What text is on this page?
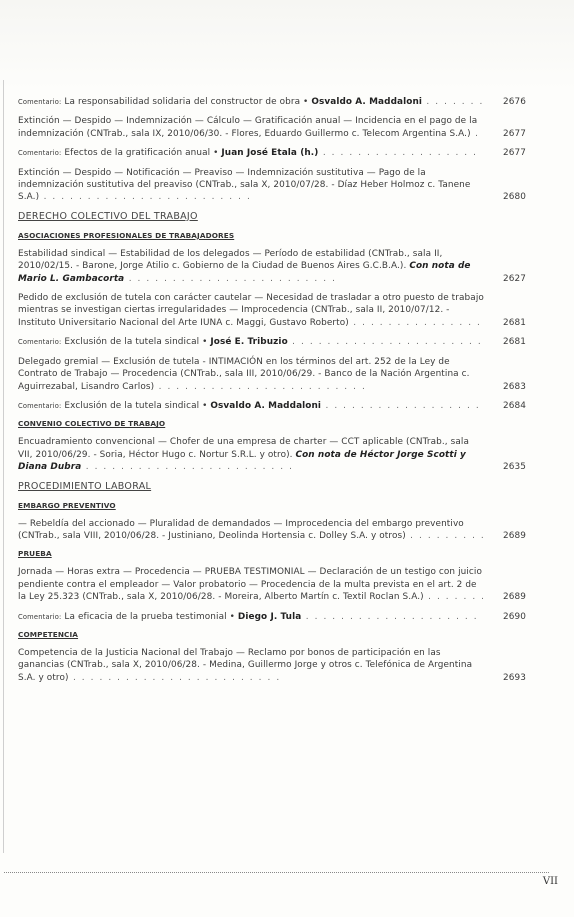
Comentario: La responsabilidad solidaria del constructor de obra • Osvaldo A. Maddaloni . . . . . . .	2676
Extinción — Despido — Indemnización — Cálculo — Gratificación anual — Incidencia en el pago de la indemnización (CNTrab., sala IX, 2010/06/30. - Flores, Eduardo Guillermo c. Telecom Argentina S.A.) .	2677
Comentario: Efectos de la gratificación anual • Juan José Etala (h.) . . . . . . . . . . . . . . . . . .	2677
Extinción — Despido — Notificación — Preaviso — Indemnización sustitutiva — Pago de la indemnización sustitutiva del preaviso (CNTrab., sala X, 2010/07/28. - Díaz Heber Holmoz c. Tanene S.A.) . . . . . . . . . . . . . . . . . . . . . . . .	2680
DERECHO COLECTIVO DEL TRABAJO
ASOCIACIONES PROFESIONALES DE TRABAJADORES
Estabilidad sindical — Estabilidad de los delegados — Período de estabilidad (CNTrab., sala II, 2010/02/15. - Barone, Jorge Atilio c. Gobierno de la Ciudad de Buenos Aires G.C.B.A.). Con nota de Mario L. Gambacorta . . . . . . . . . . . . . . . . . . . . . . . .	2627
Pedido de exclusión de tutela con carácter cautelar — Necesidad de trasladar a otro puesto de trabajo mientras se investigan ciertas irregularidades — Improcedencia (CNTrab., sala II, 2010/07/12. - Instituto Universitario Nacional del Arte IUNA c. Maggi, Gustavo Roberto) . . . . . . . . . . . . . . .	2681
Comentario: Exclusión de la tutela sindical • José E. Tribuzio . . . . . . . . . . . . . . . . . . . . . .	2681
Delegado gremial — Exclusión de tutela - INTIMACIÓN en los términos del art. 252 de la Ley de Contrato de Trabajo — Procedencia (CNTrab., sala III, 2010/06/29. - Banco de la Nación Argentina c. Aguirrezabal, Lisandro Carlos) . . . . . . . . . . . . . . . . . . . . . . . .	2683
Comentario: Exclusión de la tutela sindical • Osvaldo A. Maddaloni . . . . . . . . . . . . . . . . . .	2684
CONVENIO COLECTIVO DE TRABAJO
Encuadramiento convencional — Chofer de una empresa de charter — CCT aplicable (CNTrab., sala VII, 2010/06/29. - Soria, Héctor Hugo c. Nortur S.R.L. y otro). Con nota de Héctor Jorge Scotti y Diana Dubra . . . . . . . . . . . . . . . . . . . . . . . .	2635
PROCEDIMIENTO LABORAL
EMBARGO PREVENTIVO
— Rebeldía del accionado — Pluralidad de demandados — Improcedencia del embargo preventivo (CNTrab., sala VIII, 2010/06/28. - Justiniano, Deolinda Hortensia c. Dolley S.A. y otros) . . . . . . . . .	2689
PRUEBA
Jornada — Horas extra — Procedencia — PRUEBA TESTIMONIAL — Declaración de un testigo con juicio pendiente contra el empleador — Valor probatorio — Procedencia de la multa prevista en el art. 2 de la Ley 25.323 (CNTrab., sala X, 2010/06/28. - Moreira, Alberto Martín c. Textil Roclan S.A.) . . . . . . .	2689
Comentario: La eficacia de la prueba testimonial • Diego J. Tula . . . . . . . . . . . . . . . . . . . .	2690
COMPETENCIA
Competencia de la Justicia Nacional del Trabajo — Reclamo por bonos de participación en las ganancias (CNTrab., sala X, 2010/06/28. - Medina, Guillermo Jorge y otros c. Telefónica de Argentina S.A. y otro) . . . . . . . . . . . . . . . . . . . . . . . .	2693
VII
